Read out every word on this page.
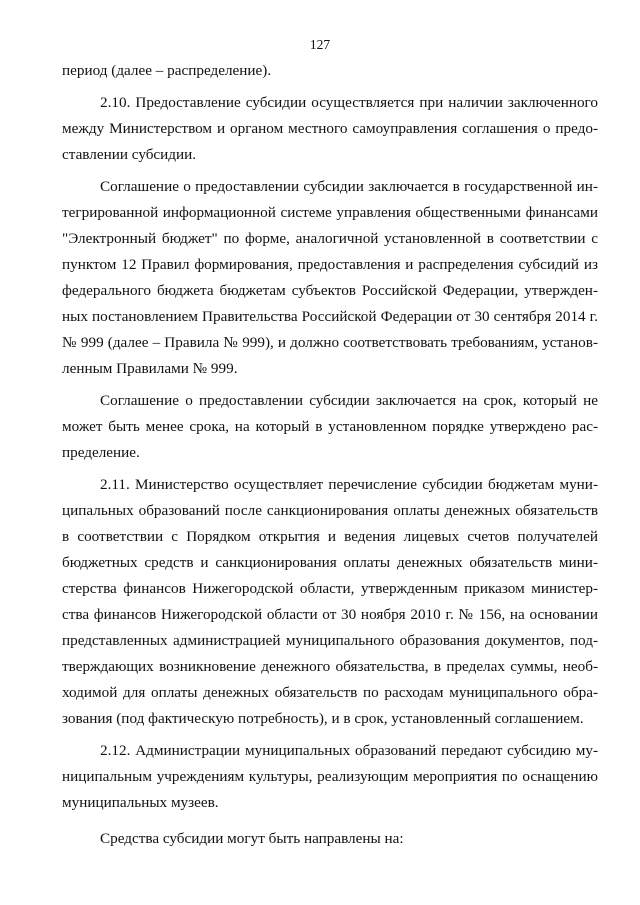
127

период (далее – распределение).

2.10. Предоставление субсидии осуществляется при наличии заключенного между Министерством и органом местного самоуправления соглашения о предоставлении субсидии.

Соглашение о предоставлении субсидии заключается в государственной интегрированной информационной системе управления общественными финансами "Электронный бюджет" по форме, аналогичной установленной в соответствии с пунктом 12 Правил формирования, предоставления и распределения субсидий из федерального бюджета бюджетам субъектов Российской Федерации, утвержденных постановлением Правительства Российской Федерации от 30 сентября 2014 г. № 999 (далее – Правила № 999), и должно соответствовать требованиям, установленным Правилами № 999.

Соглашение о предоставлении субсидии заключается на срок, который не может быть менее срока, на который в установленном порядке утверждено распределение.

2.11. Министерство осуществляет перечисление субсидии бюджетам муниципальных образований после санкционирования оплаты денежных обязательств в соответствии с Порядком открытия и ведения лицевых счетов получателей бюджетных средств и санкционирования оплаты денежных обязательств министерства финансов Нижегородской области, утвержденным приказом министерства финансов Нижегородской области от 30 ноября 2010 г. № 156, на основании представленных администрацией муниципального образования документов, подтверждающих возникновение денежного обязательства, в пределах суммы, необходимой для оплаты денежных обязательств по расходам муниципального образования (под фактическую потребность), и в срок, установленный соглашением.

2.12. Администрации муниципальных образований передают субсидию муниципальным учреждениям культуры, реализующим мероприятия по оснащению муниципальных музеев.

Средства субсидии могут быть направлены на:
